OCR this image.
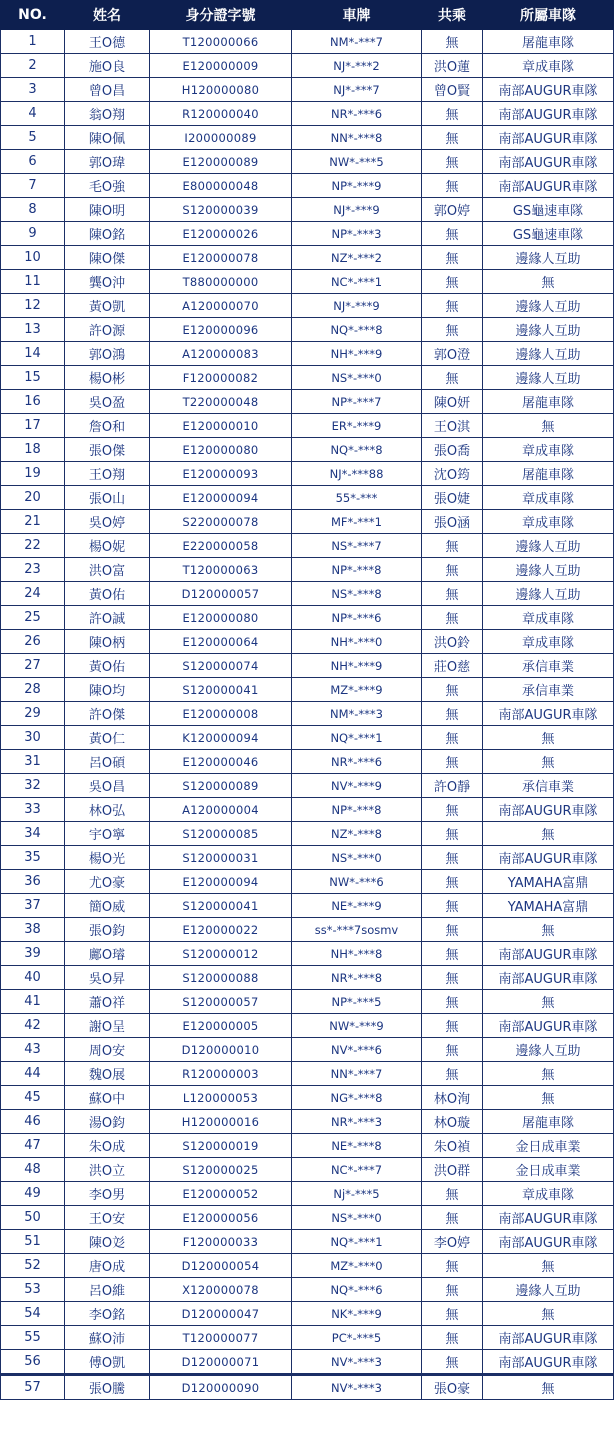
NO.	姓名	身分證字號	車牌	共乘	所屬車隊
1	王O德	T120000066	NM*-***7	無	屠龍車隊
2	施O良	E120000009	NJ*-***2	洪O蓮	章成車隊
3	曾O昌	H120000080	NJ*-***7	曾O賢	南部AUGUR車隊
4	翁O翔	R120000040	NR*-***6	無	南部AUGUR車隊
5	陳O佩	I200000089	NN*-***8	無	南部AUGUR車隊
6	郭O瑋	E120000089	NW*-***5	無	南部AUGUR車隊
7	毛O強	E800000048	NP*-***9	無	南部AUGUR車隊
8	陳O明	S120000039	NJ*-***9	郭O婷	GS龜速車隊
9	陳O銘	E120000026	NP*-***3	無	GS龜速車隊
10	陳O傑	E120000078	NZ*-***2	無	邊緣人互助
11	龔O沖	T880000000	NC*-***1	無	無
12	黃O凱	A120000070	NJ*-***9	無	邊緣人互助
13	許O源	E120000096	NQ*-***8	無	邊緣人互助
14	郭O鴻	A120000083	NH*-***9	郭O澄	邊緣人互助
15	楊O彬	F120000082	NS*-***0	無	邊緣人互助
16	吳O盈	T220000048	NP*-***7	陳O妍	屠龍車隊
17	詹O和	E120000010	ER*-***9	王O淇	無
18	張O傑	E120000080	NQ*-***8	張O喬	章成車隊
19	王O翔	E120000093	NJ*-***88	沈O筠	屠龍車隊
20	張O山	E120000094	55*-***	張O婕	章成車隊
21	吳O婷	S220000078	MF*-***1	張O涵	章成車隊
22	楊O妮	E220000058	NS*-***7	無	邊緣人互助
23	洪O富	T120000063	NP*-***8	無	邊緣人互助
24	黃O佑	D120000057	NS*-***8	無	邊緣人互助
25	許O誠	E120000080	NP*-***6	無	章成車隊
26	陳O柄	E120000064	NH*-***0	洪O鈴	章成車隊
27	黃O佑	S120000074	NH*-***9	莊O慈	承信車業
28	陳O均	S120000041	MZ*-***9	無	承信車業
29	許O傑	E120000008	NM*-***3	無	南部AUGUR車隊
30	黃O仁	K120000094	NQ*-***1	無	無
31	呂O碩	E120000046	NR*-***6	無	無
32	吳O昌	S120000089	NV*-***9	許O靜	承信車業
33	林O弘	A120000004	NP*-***8	無	南部AUGUR車隊
34	宇O寧	S120000085	NZ*-***8	無	無
35	楊O光	S120000031	NS*-***0	無	南部AUGUR車隊
36	尤O豪	E120000094	NW*-***6	無	YAMAHA富鼎
37	簡O威	S120000041	NE*-***9	無	YAMAHA富鼎
38	張O鈞	E120000022	ss*-***7sosmv	無	無
39	鄺O璿	S120000012	NH*-***8	無	南部AUGUR車隊
40	吳O昇	S120000088	NR*-***8	無	南部AUGUR車隊
41	蕭O祥	S120000057	NP*-***5	無	無
42	謝O呈	E120000005	NW*-***9	無	南部AUGUR車隊
43	周O安	D120000010	NV*-***6	無	邊緣人互助
44	魏O展	R120000003	NN*-***7	無	無
45	蘇O中	L120000053	NG*-***8	林O洵	無
46	湯O鈞	H120000016	NR*-***3	林O璇	屠龍車隊
47	朱O成	S120000019	NE*-***8	朱O禎	金日成車業
48	洪O立	S120000025	NC*-***7	洪O群	金日成車業
49	李O男	E120000052	Nj*-***5	無	章成車隊
50	王O安	E120000056	NS*-***0	無	南部AUGUR車隊
51	陳O彣	F120000033	NQ*-***1	李O婷	南部AUGUR車隊
52	唐O成	D120000054	MZ*-***0	無	無
53	呂O維	X120000078	NQ*-***6	無	邊緣人互助
54	李O銘	D120000047	NK*-***9	無	無
55	蘇O沛	T120000077	PC*-***5	無	南部AUGUR車隊
56	傅O凱	D120000071	NV*-***3	無	南部AUGUR車隊
57	張O騰	D120000090	NV*-***3	張O豪	無
